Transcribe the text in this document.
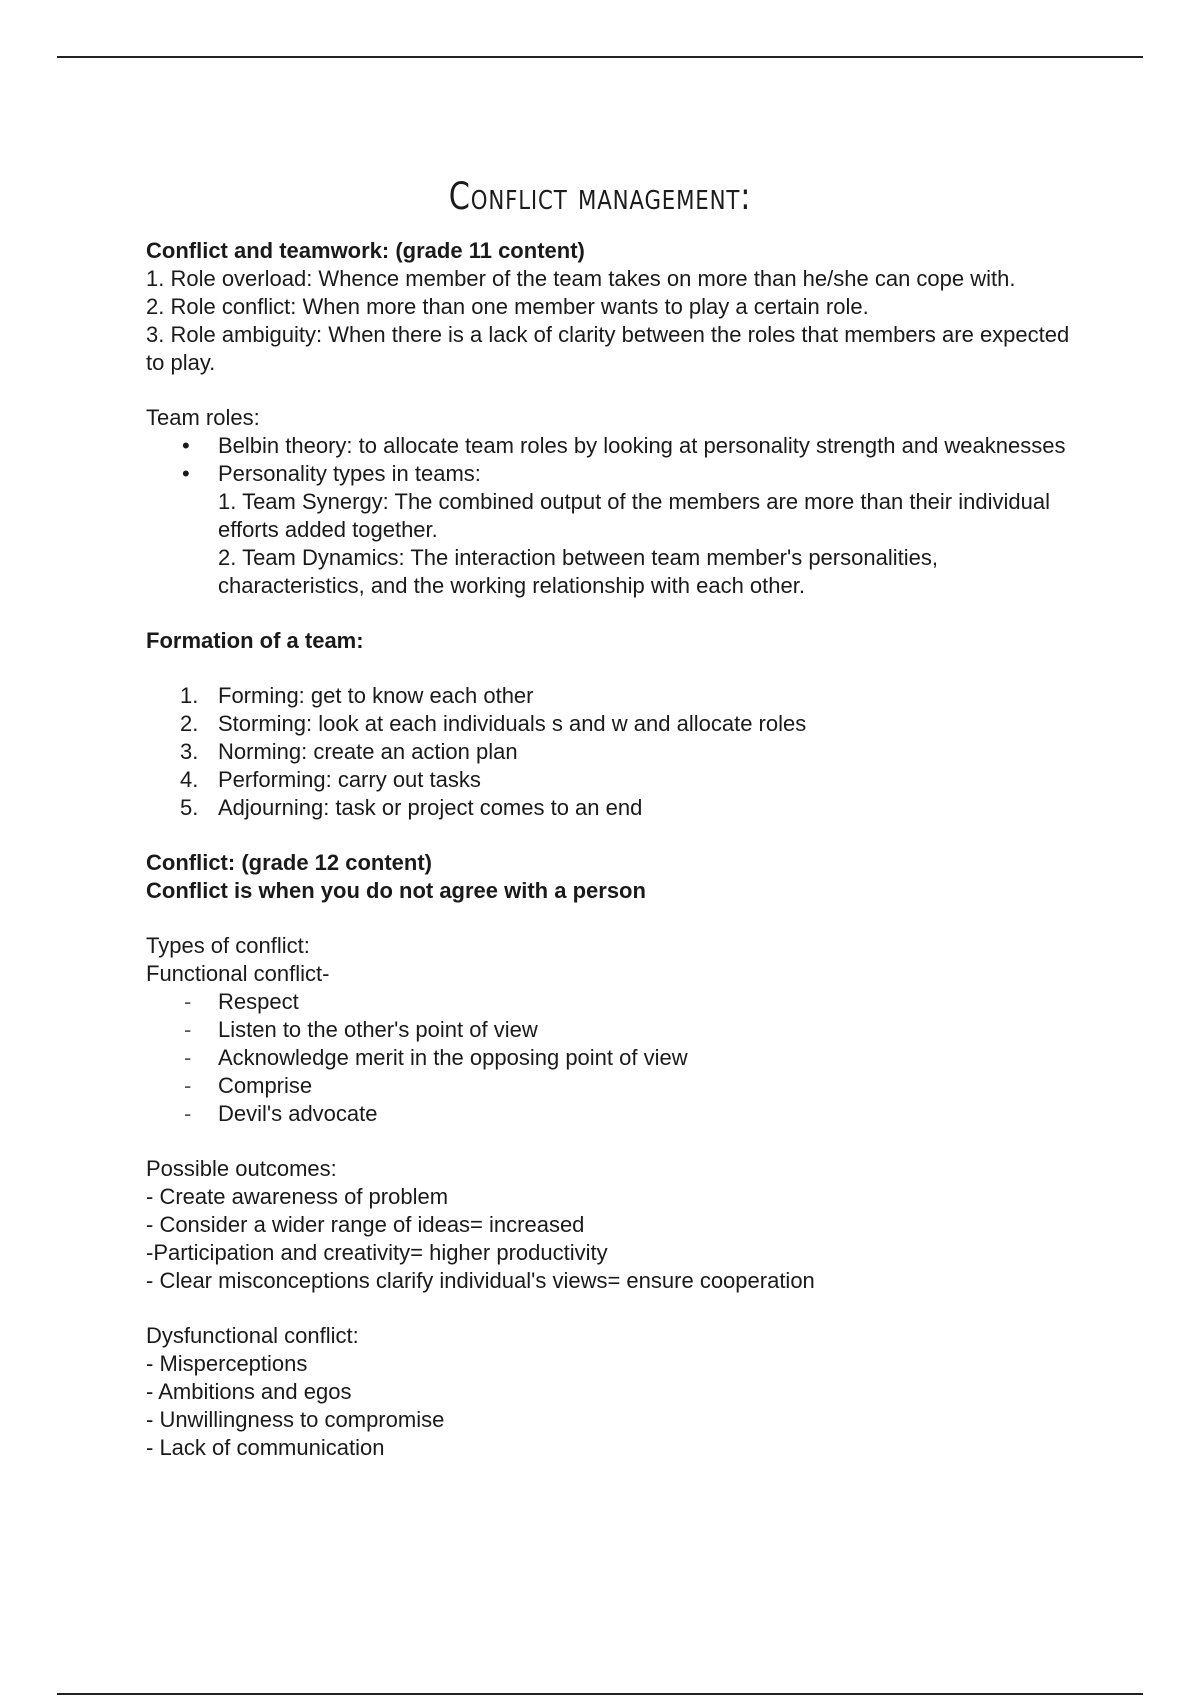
Conflict management:

Conflict and teamwork: (grade 11 content)

1. Role overload: Whence member of the team takes on more than he/she can cope with.

2. Role conflict: When more than one member wants to play a certain role.

3. Role ambiguity: When there is a lack of clarity between the roles that members are expected to play.

Team roles:

• Belbin theory: to allocate team roles by looking at personality strength and weaknesses
• Personality types in teams:
1. Team Synergy: The combined output of the members are more than their individual efforts added together.
2. Team Dynamics: The interaction between team member's personalities, characteristics, and the working relationship with each other.

Formation of a team:

1. Forming: get to know each other
2. Storming: look at each individuals s and w and allocate roles
3. Norming: create an action plan
4. Performing: carry out tasks
5. Adjourning: task or project comes to an end

Conflict: (grade 12 content)

Conflict is when you do not agree with a person

Types of conflict:

Functional conflict-

- Respect
- Listen to the other's point of view
- Acknowledge merit in the opposing point of view
- Comprise
- Devil's advocate

Possible outcomes:

- Create awareness of problem

- Consider a wider range of ideas= increased

-Participation and creativity= higher productivity

- Clear misconceptions clarify individual's views= ensure cooperation

Dysfunctional conflict:

- Misperceptions

- Ambitions and egos

- Unwillingness to compromise

- Lack of communication
